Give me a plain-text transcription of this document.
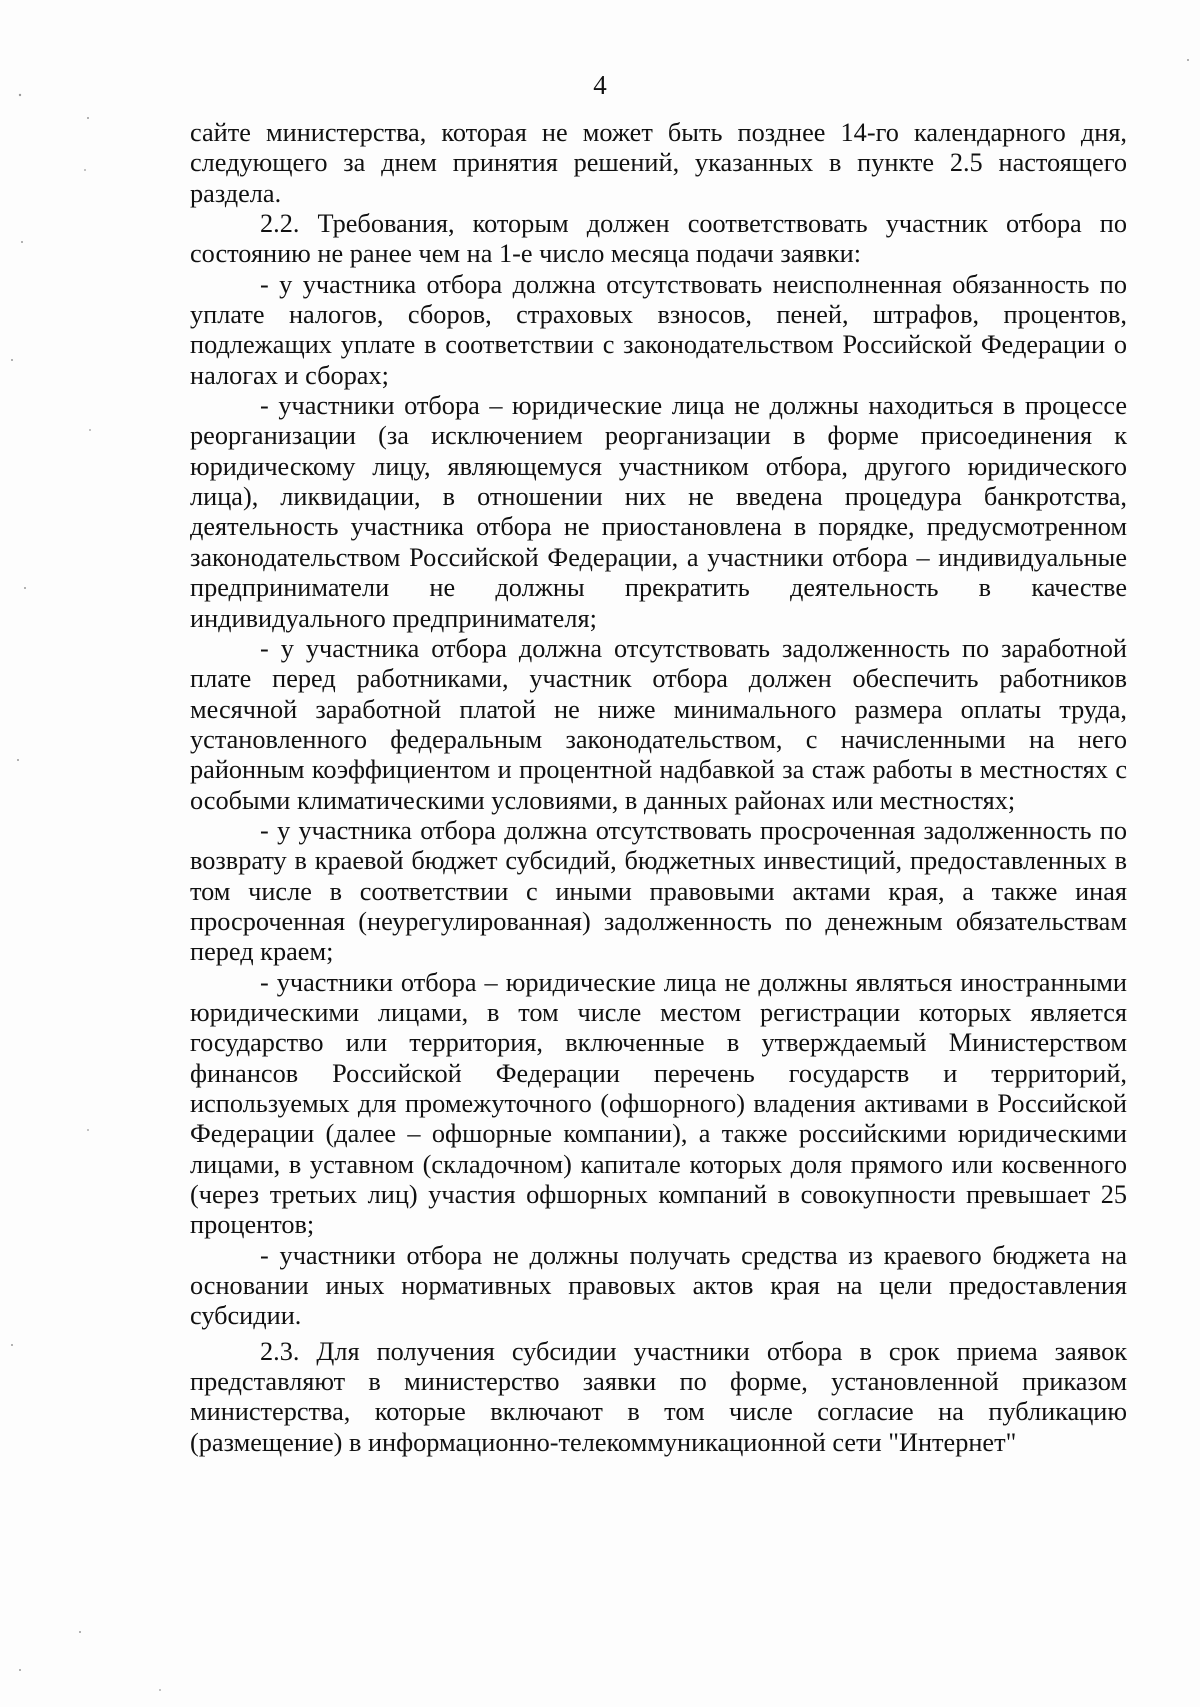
4

сайте министерства, которая не может быть позднее 14-го календарного дня, следующего за днем принятия решений, указанных в пункте 2.5 настоящего раздела.

2.2. Требования, которым должен соответствовать участник отбора по состоянию не ранее чем на 1-е число месяца подачи заявки:

- у участника отбора должна отсутствовать неисполненная обязанность по уплате налогов, сборов, страховых взносов, пеней, штрафов, процентов, подлежащих уплате в соответствии с законодательством Российской Федерации о налогах и сборах;

- участники отбора – юридические лица не должны находиться в процессе реорганизации (за исключением реорганизации в форме присоединения к юридическому лицу, являющемуся участником отбора, другого юридического лица), ликвидации, в отношении них не введена процедура банкротства, деятельность участника отбора не приостановлена в порядке, предусмотренном законодательством Российской Федерации, а участники отбора – индивидуальные предприниматели не должны прекратить деятельность в качестве индивидуального предпринимателя;

- у участника отбора должна отсутствовать задолженность по заработной плате перед работниками, участник отбора должен обеспечить работников месячной заработной платой не ниже минимального размера оплаты труда, установленного федеральным законодательством, с начисленными на него районным коэффициентом и процентной надбавкой за стаж работы в местностях с особыми климатическими условиями, в данных районах или местностях;

- у участника отбора должна отсутствовать просроченная задолженность по возврату в краевой бюджет субсидий, бюджетных инвестиций, предоставленных в том числе в соответствии с иными правовыми актами края, а также иная просроченная (неурегулированная) задолженность по денежным обязательствам перед краем;

- участники отбора – юридические лица не должны являться иностранными юридическими лицами, в том числе местом регистрации которых является государство или территория, включенные в утверждаемый Министерством финансов Российской Федерации перечень государств и территорий, используемых для промежуточного (офшорного) владения активами в Российской Федерации (далее – офшорные компании), а также российскими юридическими лицами, в уставном (складочном) капитале которых доля прямого или косвенного (через третьих лиц) участия офшорных компаний в совокупности превышает 25 процентов;

- участники отбора не должны получать средства из краевого бюджета на основании иных нормативных правовых актов края на цели предоставления субсидии.

2.3. Для получения субсидии участники отбора в срок приема заявок представляют в министерство заявки по форме, установленной приказом министерства, которые включают в том числе согласие на публикацию (размещение) в информационно-телекоммуникационной сети "Интернет"
